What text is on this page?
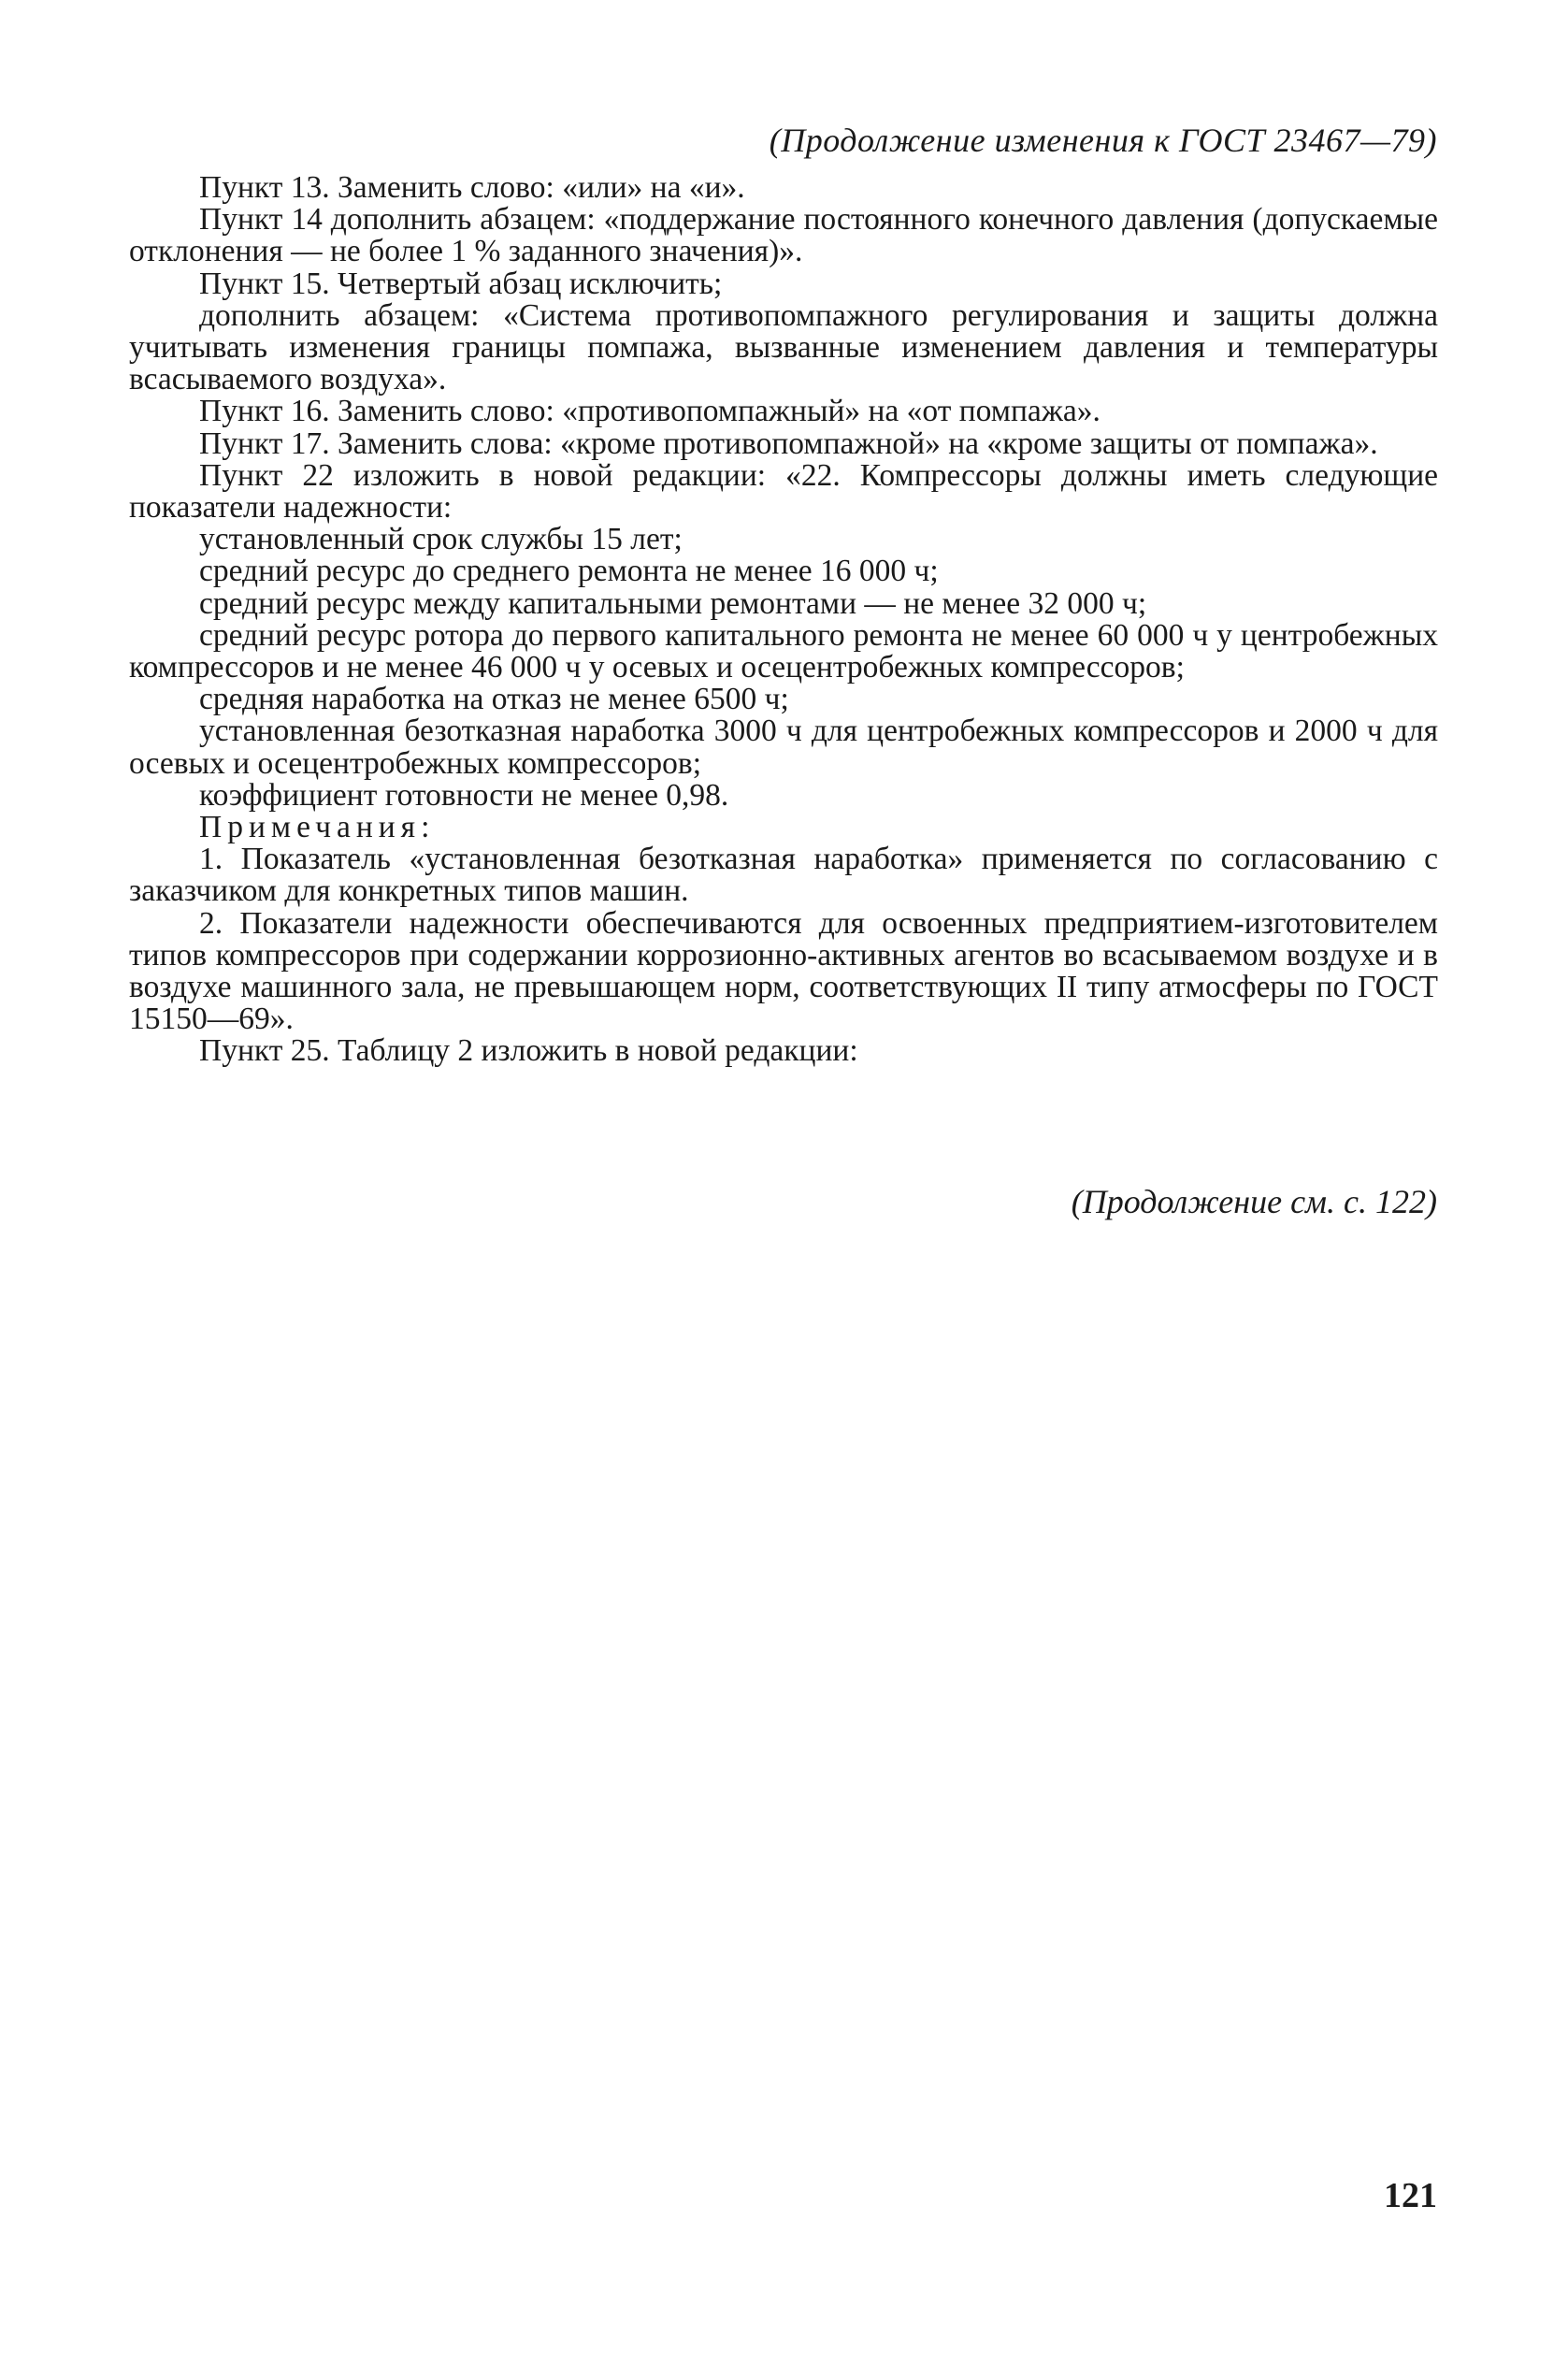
(Продолжение изменения к ГОСТ 23467—79)

Пункт 13. Заменить слово: «или» на «и».

Пункт 14 дополнить абзацем: «поддержание постоянного конечного давления (допускаемые отклонения — не более 1 % заданного значения)».

Пункт 15. Четвертый абзац исключить;

дополнить абзацем: «Система противопомпажного регулирования и защиты должна учитывать изменения границы помпажа, вызванные изменением давления и температуры всасываемого воздуха».

Пункт 16. Заменить слово: «противопомпажный» на «от помпажа».

Пункт 17. Заменить слова: «кроме противопомпажной» на «кроме защиты от помпажа».

Пункт 22 изложить в новой редакции: «22. Компрессоры должны иметь следующие показатели надежности:

установленный срок службы 15 лет;

средний ресурс до среднего ремонта не менее 16 000 ч;

средний ресурс между капитальными ремонтами — не менее 32 000 ч;

средний ресурс ротора до первого капитального ремонта не менее 60 000 ч у центробежных компрессоров и не менее 46 000 ч у осевых и осецентробежных компрессоров;

средняя наработка на отказ не менее 6500 ч;

установленная безотказная наработка 3000 ч для центробежных компрессоров и 2000 ч для осевых и осецентробежных компрессоров;

коэффициент готовности не менее 0,98.

Примечания:

1. Показатель «установленная безотказная наработка» применяется по согласованию с заказчиком для конкретных типов машин.

2. Показатели надежности обеспечиваются для освоенных предприятием-изготовителем типов компрессоров при содержании коррозионно-активных агентов во всасываемом воздухе и в воздухе машинного зала, не превышающем норм, соответствующих II типу атмосферы по ГОСТ 15150—69».

Пункт 25. Таблицу 2 изложить в новой редакции:

(Продолжение см. с. 122)
121
